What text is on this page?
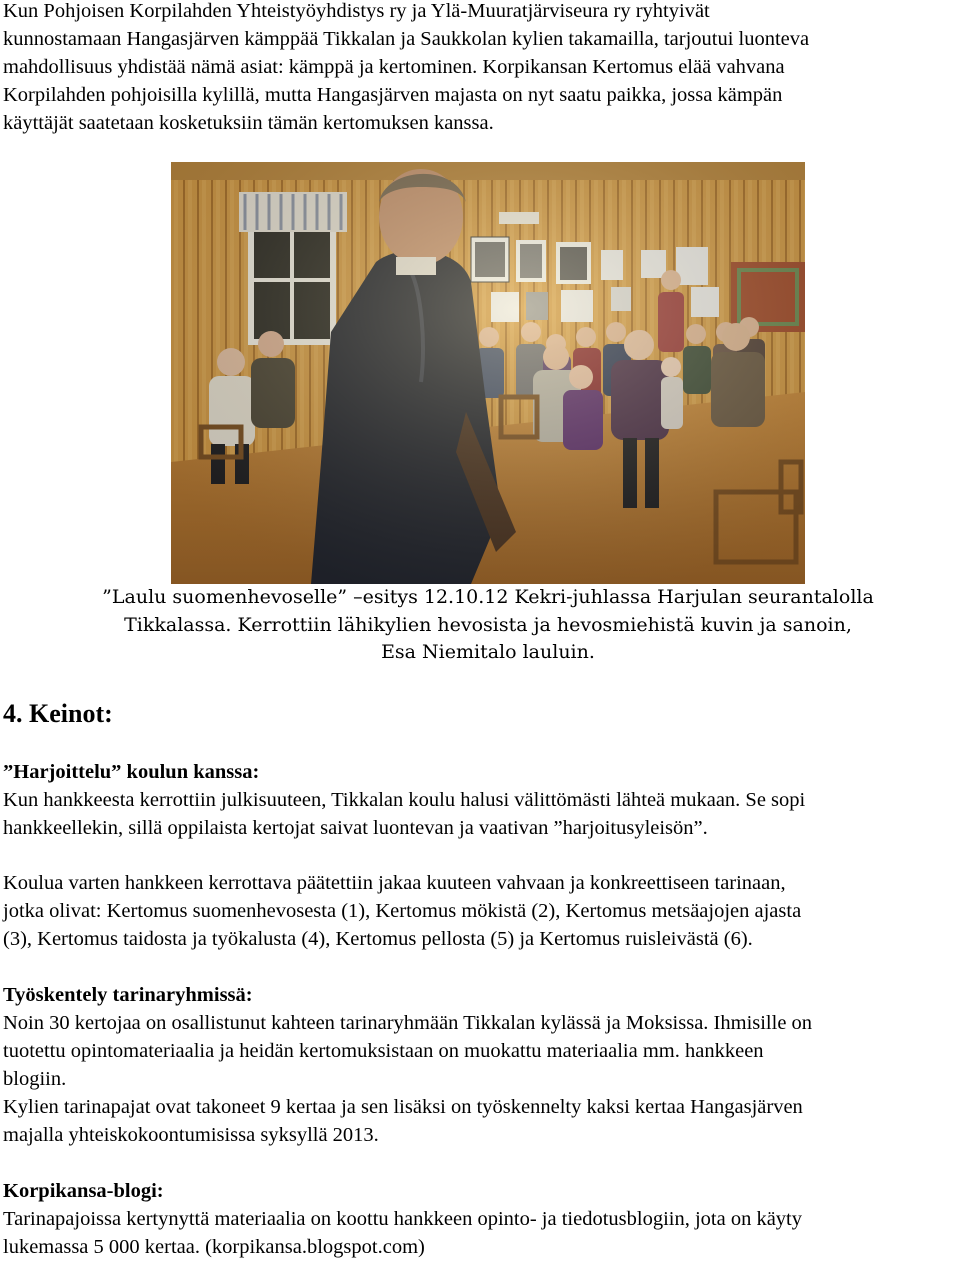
Kun Pohjoisen Korpilahden Yhteistyöyhdistys ry ja Ylä-Muuratjärviseura ry ryhtyivät
kunnostamaan Hangasjärven kämppää Tikkalan ja Saukkolan kylien takamailla, tarjoutui luonteva
mahdollisuus yhdistää nämä asiat: kämppä ja kertominen. Korpikansan Kertomus elää vahvana
Korpilahden pohjoisilla kylillä, mutta Hangasjärven majasta on nyt saatu paikka, jossa kämpän
käyttäjät saatetaan kosketuksiin tämän kertomuksen kanssa.

”Laulu suomenhevoselle” –esitys 12.10.12 Kekri-juhlassa Harjulan seurantalolla
Tikkalassa. Kerrottiin lähikylien hevosista ja hevosmiehistä kuvin ja sanoin,
Esa Niemitalo lauluin.

4. Keinot:

”Harjoittelu” koulun kanssa:
Kun hankkeesta kerrottiin julkisuuteen, Tikkalan koulu halusi välittömästi lähteä mukaan. Se sopi
hankkeellekin, sillä oppilaista kertojat saivat luontevan ja vaativan ”harjoitusyleisön”.

Koulua varten hankkeen kerrottava päätettiin jakaa kuuteen vahvaan ja konkreettiseen tarinaan,
jotka olivat: Kertomus suomenhevosesta (1), Kertomus mökistä (2), Kertomus metsäajojen ajasta
(3), Kertomus taidosta ja työkalusta (4), Kertomus pellosta (5) ja Kertomus ruisleivästä (6).

Työskentely tarinaryhmissä:
Noin 30 kertojaa on osallistunut kahteen tarinaryhmään Tikkalan kylässä ja Moksissa. Ihmisille on
tuotettu opintomateriaalia ja heidän kertomuksistaan on muokattu materiaalia mm. hankkeen
blogiin.
Kylien tarinapajat ovat takoneet 9 kertaa ja sen lisäksi on työskennelty kaksi kertaa Hangasjärven
majalla yhteiskokoontumisissa syksyllä 2013.

Korpikansa-blogi:
Tarinapajoissa kertynyttä materiaalia on koottu hankkeen opinto- ja tiedotusblogiin, jota on käyty
lukemassa 5 000 kertaa. (korpikansa.blogspot.com)
